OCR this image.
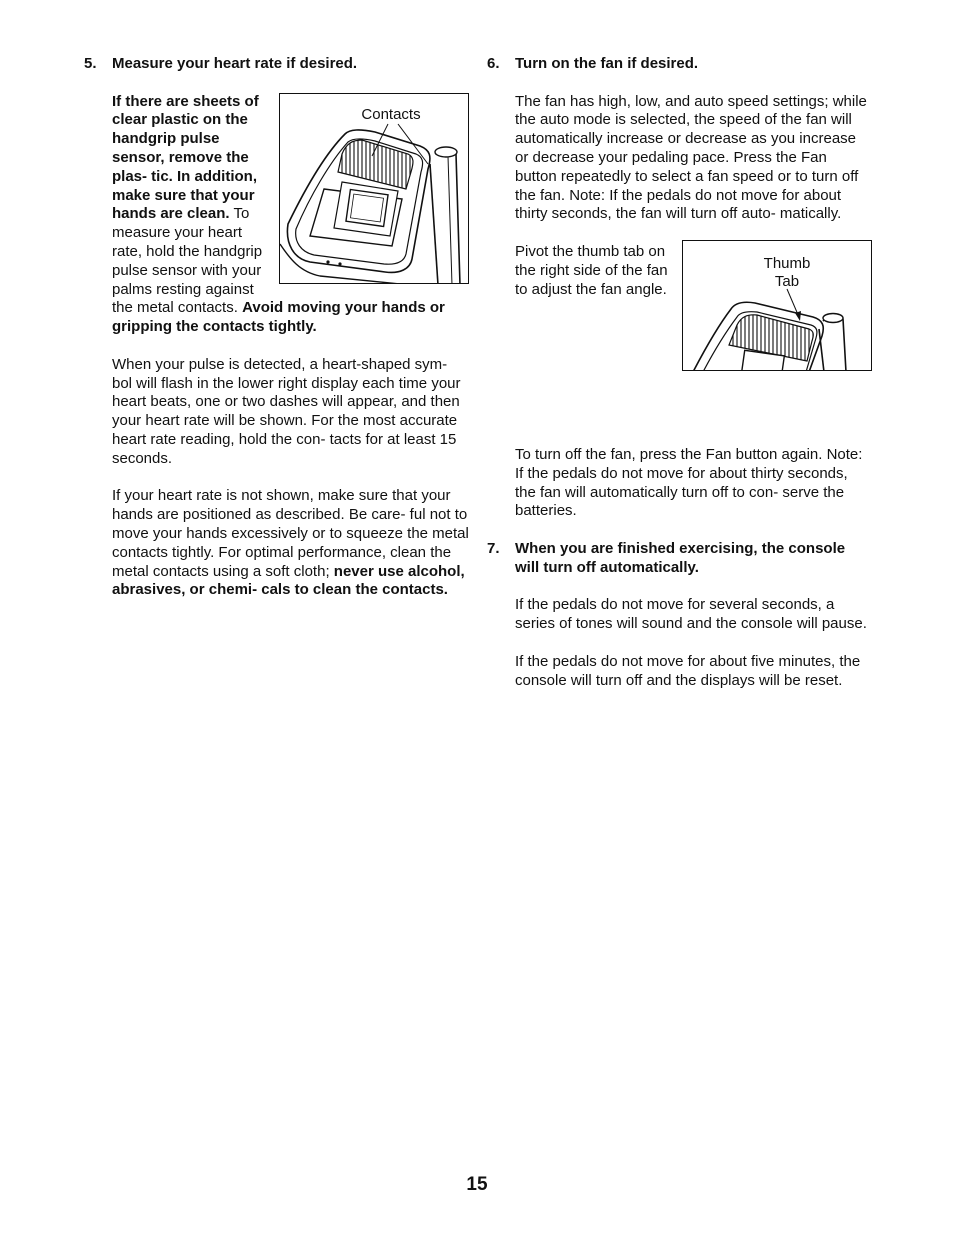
5. Measure your heart rate if desired.
Contacts

If there are sheets of clear plastic on the handgrip pulse sensor, remove the plas- tic. In addition, make sure that your hands are clean. To measure your heart rate, hold the handgrip pulse sensor with your palms resting against the metal contacts. Avoid moving your hands or gripping the contacts tightly.

When your pulse is detected, a heart-shaped sym- bol will flash in the lower right display each time your heart beats, one or two dashes will appear, and then your heart rate will be shown. For the most accurate heart rate reading, hold the con- tacts for at least 15 seconds.

If your heart rate is not shown, make sure that your hands are positioned as described. Be care- ful not to move your hands excessively or to squeeze the metal contacts tightly. For optimal performance, clean the metal contacts using a soft cloth; never use alcohol, abrasives, or chemi- cals to clean the contacts.

6. Turn on the fan if desired.

The fan has high, low, and auto speed settings; while the auto mode is selected, the speed of the fan will automatically increase or decrease as you increase or decrease your pedaling pace. Press the Fan button repeatedly to select a fan speed or to turn off the fan. Note: If the pedals do not move for about thirty seconds, the fan will turn off auto- matically.

Thumb
Tab

Pivot the thumb tab on the right side of the fan to adjust the fan angle.

To turn off the fan, press the Fan button again. Note: If the pedals do not move for about thirty seconds, the fan will automatically turn off to con- serve the batteries.

7. When you are finished exercising, the console will turn off automatically.

If the pedals do not move for several seconds, a series of tones will sound and the console will pause.

If the pedals do not move for about five minutes, the console will turn off and the displays will be reset.

15
